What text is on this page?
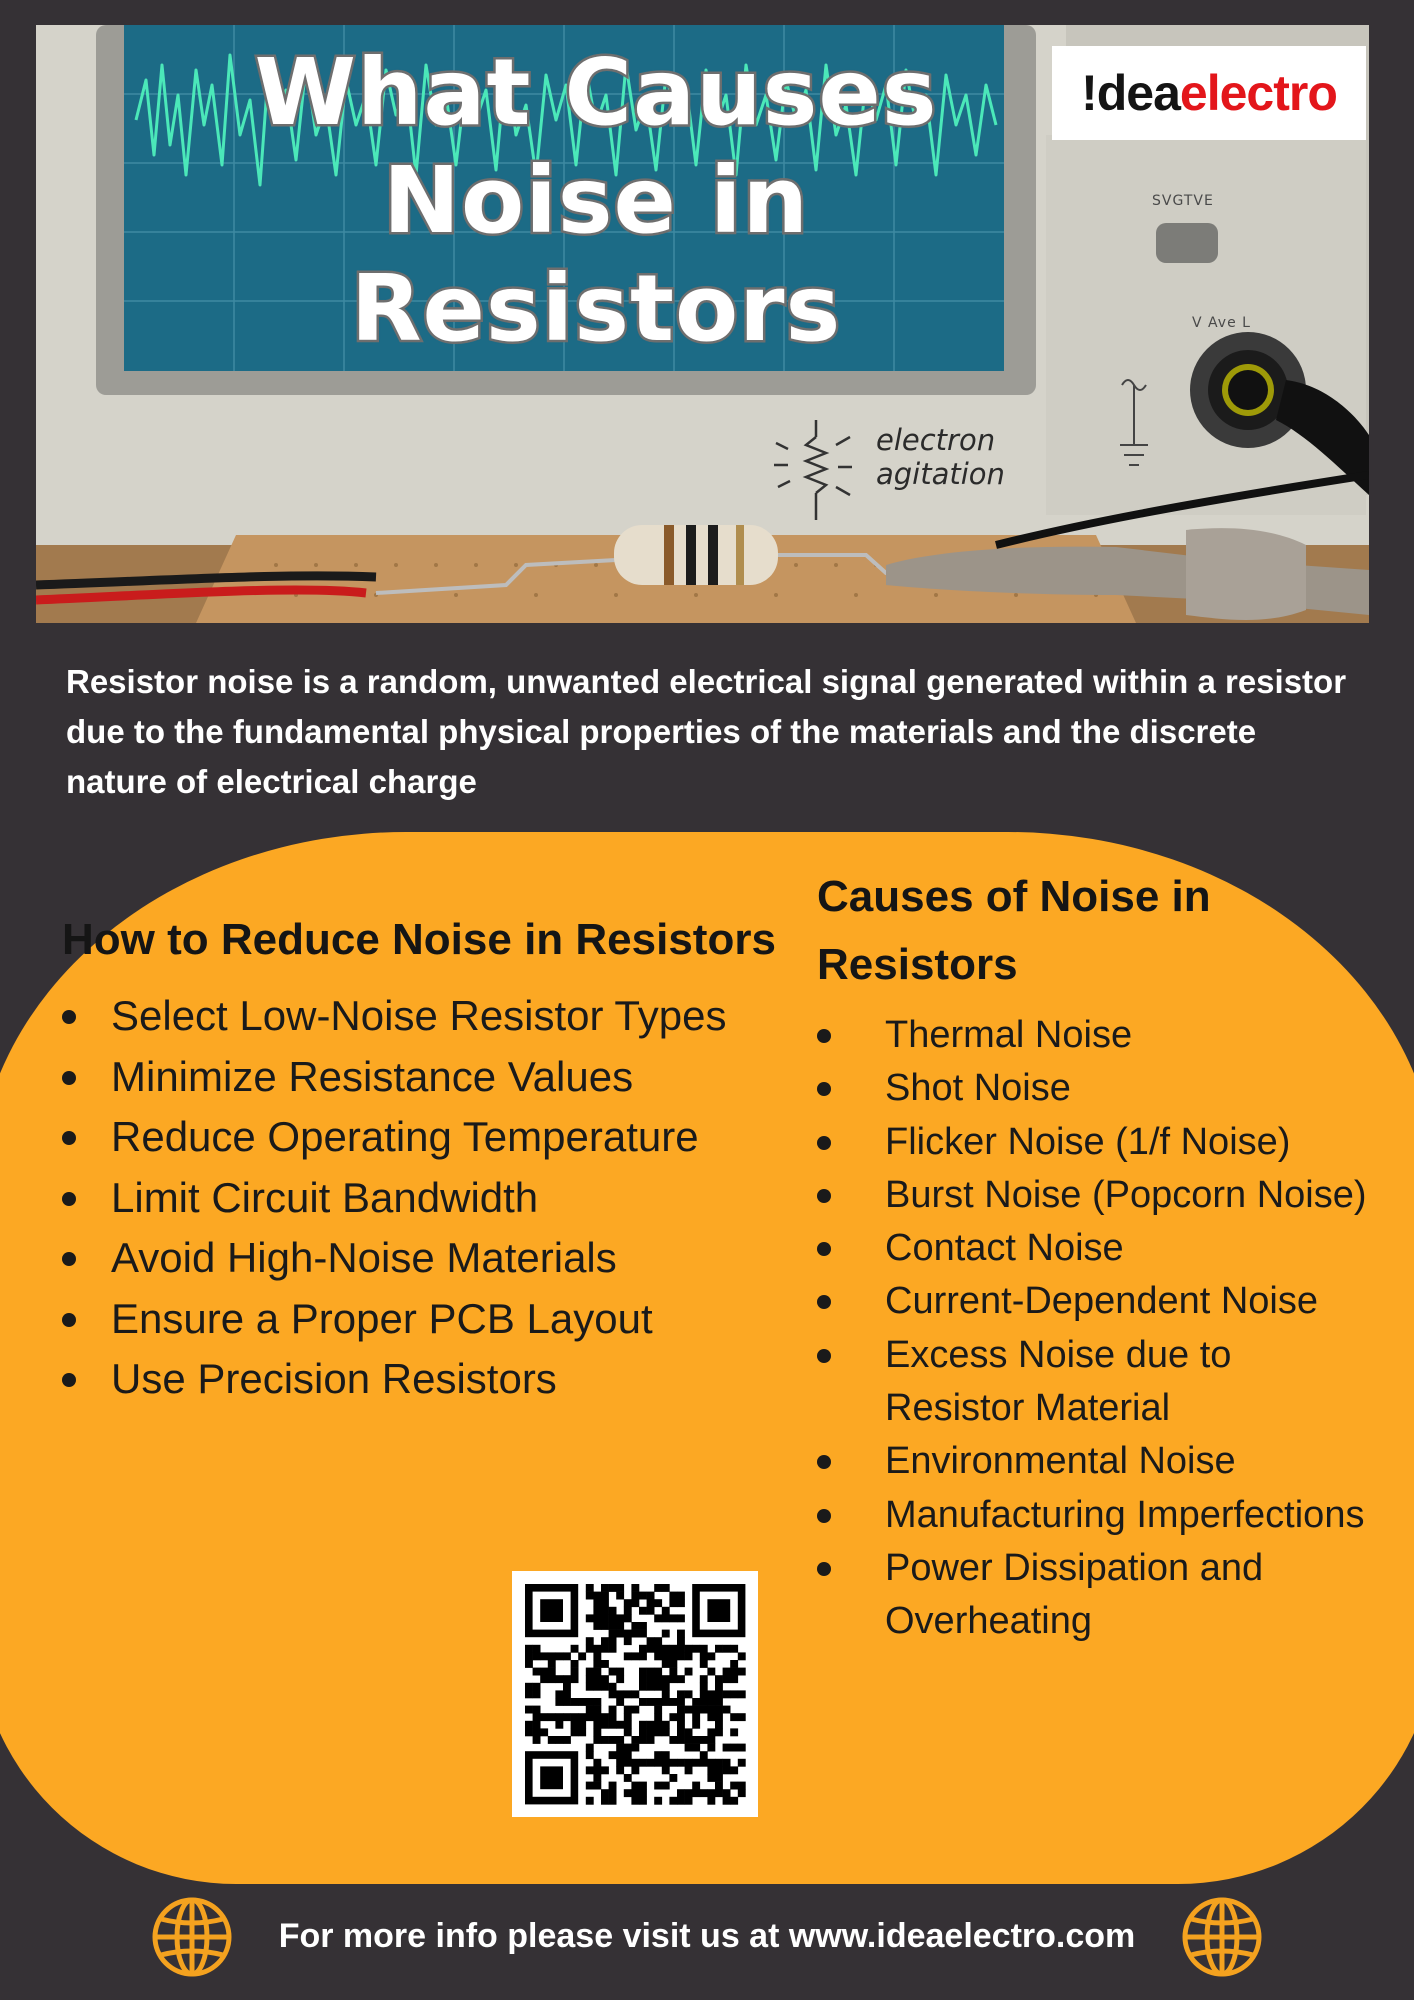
What Causes
Noise in
Resistors
!dea electro
electron
agitation
SVGTVE
V Ave L

Resistor noise is a random, unwanted electrical signal generated within a resistor due to the fundamental physical properties of the materials and the discrete nature of electrical charge

How to Reduce Noise in Resistors
Select Low-Noise Resistor Types
Minimize Resistance Values
Reduce Operating Temperature
Limit Circuit Bandwidth
Avoid High-Noise Materials
Ensure a Proper PCB Layout
Use Precision Resistors
Causes of Noise in Resistors
Thermal Noise
Shot Noise
Flicker Noise (1/f Noise)
Burst Noise (Popcorn Noise)
Contact Noise
Current-Dependent Noise
Excess Noise due to Resistor Material
Environmental Noise
Manufacturing Imperfections
Power Dissipation and Overheating

For more info please visit us at www.ideaelectro.com
